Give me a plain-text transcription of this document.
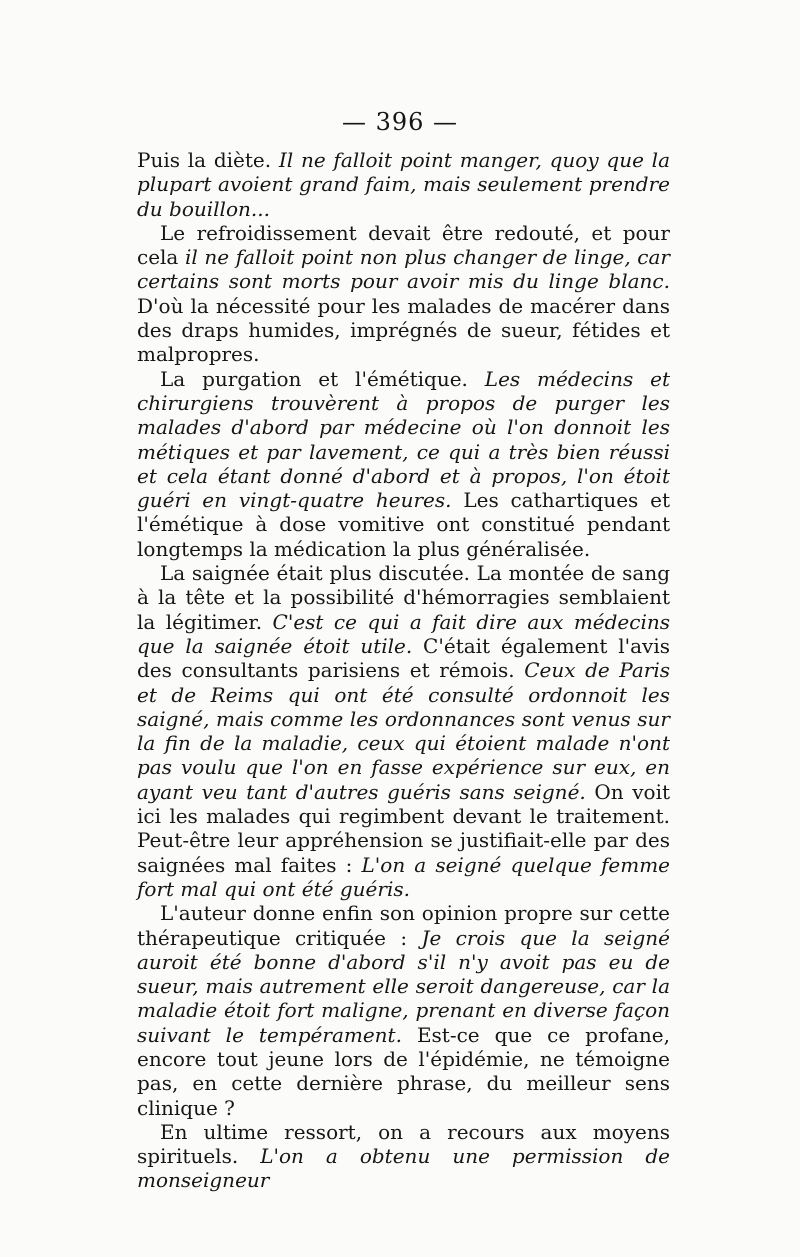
— 396 —

Puis la diète. Il ne falloit point manger, quoy que la plupart avoient grand faim, mais seulement prendre du bouillon...

Le refroidissement devait être redouté, et pour cela il ne falloit point non plus changer de linge, car certains sont morts pour avoir mis du linge blanc. D'où la nécessité pour les malades de macérer dans des draps humides, imprégnés de sueur, fétides et malpropres.

La purgation et l'émétique. Les médecins et chirurgiens trouvèrent à propos de purger les malades d'abord par médecine où l'on donnoit les métiques et par lavement, ce qui a très bien réussi et cela étant donné d'abord et à propos, l'on étoit guéri en vingt-quatre heures. Les cathartiques et l'émétique à dose vomitive ont constitué pendant longtemps la médication la plus généralisée.

La saignée était plus discutée. La montée de sang à la tête et la possibilité d'hémorragies semblaient la légitimer. C'est ce qui a fait dire aux médecins que la saignée étoit utile. C'était également l'avis des consultants parisiens et rémois. Ceux de Paris et de Reims qui ont été consulté ordonnoit les saigné, mais comme les ordonnances sont venus sur la fin de la maladie, ceux qui étoient malade n'ont pas voulu que l'on en fasse expérience sur eux, en ayant veu tant d'autres guéris sans seigné. On voit ici les malades qui regimbent devant le traitement. Peut-être leur appréhension se justifiait-elle par des saignées mal faites : L'on a seigné quelque femme fort mal qui ont été guéris.

L'auteur donne enfin son opinion propre sur cette thérapeutique critiquée : Je crois que la seigné auroit été bonne d'abord s'il n'y avoit pas eu de sueur, mais autrement elle seroit dangereuse, car la maladie étoit fort maligne, prenant en diverse façon suivant le tempérament. Est-ce que ce profane, encore tout jeune lors de l'épidémie, ne témoigne pas, en cette dernière phrase, du meilleur sens clinique ?

En ultime ressort, on a recours aux moyens spirituels. L'on a obtenu une permission de monseigneur
